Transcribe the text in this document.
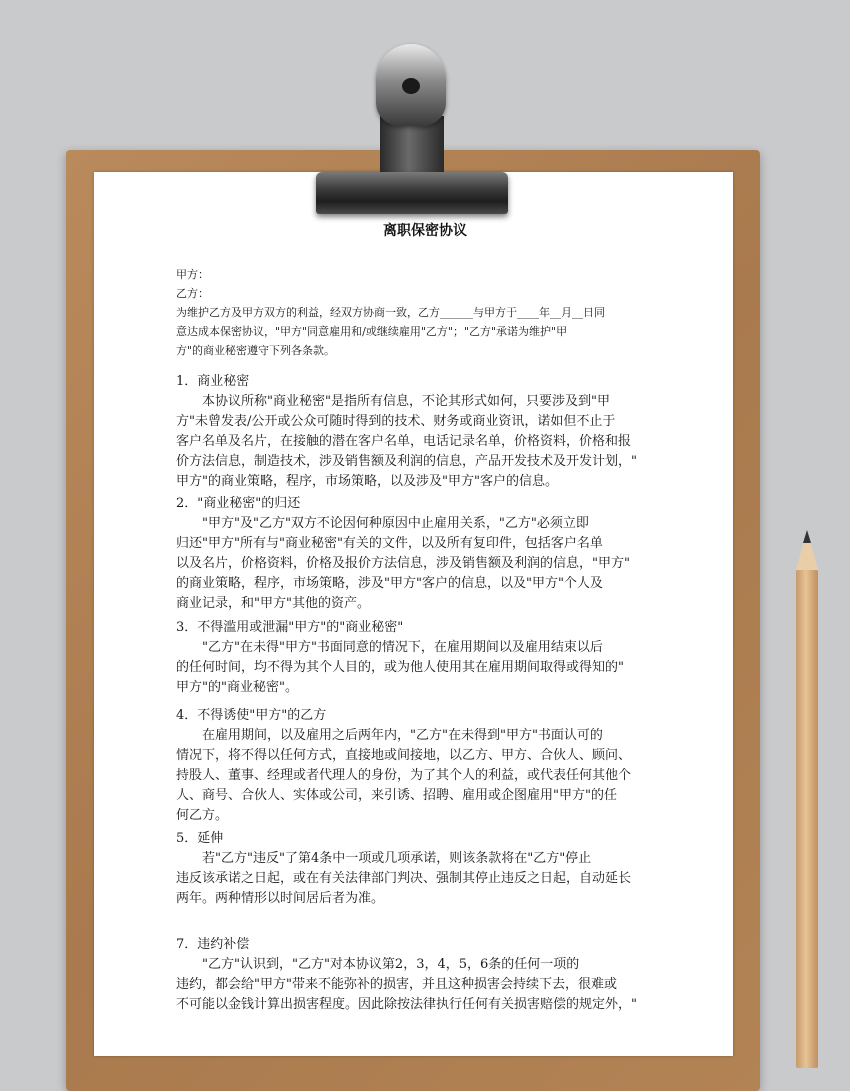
离职保密协议
甲方：
乙方：
为维护乙方及甲方双方的利益，经双方协商一致，乙方______与甲方于____年__月__日同
意达成本保密协议，"甲方"同意雇用和/或继续雇用"乙方"；"乙方"承诺为维护"甲
方"的商业秘密遵守下列各条款。
1．商业秘密
　　本协议所称"商业秘密"是指所有信息，不论其形式如何，只要涉及到"甲
方"未曾发表/公开或公众可随时得到的技术、财务或商业资讯，诺如但不止于
客户名单及名片，在接触的潜在客户名单，电话记录名单，价格资料，价格和报
价方法信息，制造技术，涉及销售额及利润的信息，产品开发技术及开发计划，"
甲方"的商业策略，程序，市场策略，以及涉及"甲方"客户的信息。
2．"商业秘密"的归还
　　"甲方"及"乙方"双方不论因何种原因中止雇用关系，"乙方"必须立即
归还"甲方"所有与"商业秘密"有关的文件，以及所有复印件，包括客户名单
以及名片，价格资料，价格及报价方法信息，涉及销售额及利润的信息，"甲方"
的商业策略，程序，市场策略，涉及"甲方"客户的信息，以及"甲方"个人及
商业记录，和"甲方"其他的资产。
3．不得滥用或泄漏"甲方"的"商业秘密"
　　"乙方"在未得"甲方"书面同意的情况下，在雇用期间以及雇用结束以后
的任何时间，均不得为其个人目的，或为他人使用其在雇用期间取得或得知的"
甲方"的"商业秘密"。
4．不得诱使"甲方"的乙方
　　在雇用期间，以及雇用之后两年内，"乙方"在未得到"甲方"书面认可的
情况下，将不得以任何方式，直接地或间接地，以乙方、甲方、合伙人、顾问、
持股人、董事、经理或者代理人的身份，为了其个人的利益，或代表任何其他个
人、商号、合伙人、实体或公司，来引诱、招聘、雇用或企图雇用"甲方"的任
何乙方。
5．延伸
　　若"乙方"违反"了第4条中一项或几项承诺，则该条款将在"乙方"停止
违反该承诺之日起，或在有关法律部门判决、强制其停止违反之日起，自动延长
两年。两种情形以时间居后者为准。
7．违约补偿
　　"乙方"认识到，"乙方"对本协议第2，3，4，5，6条的任何一项的
违约，都会给"甲方"带来不能弥补的损害，并且这种损害会持续下去，很难或
不可能以金钱计算出损害程度。因此除按法律执行任何有关损害赔偿的规定外，"
